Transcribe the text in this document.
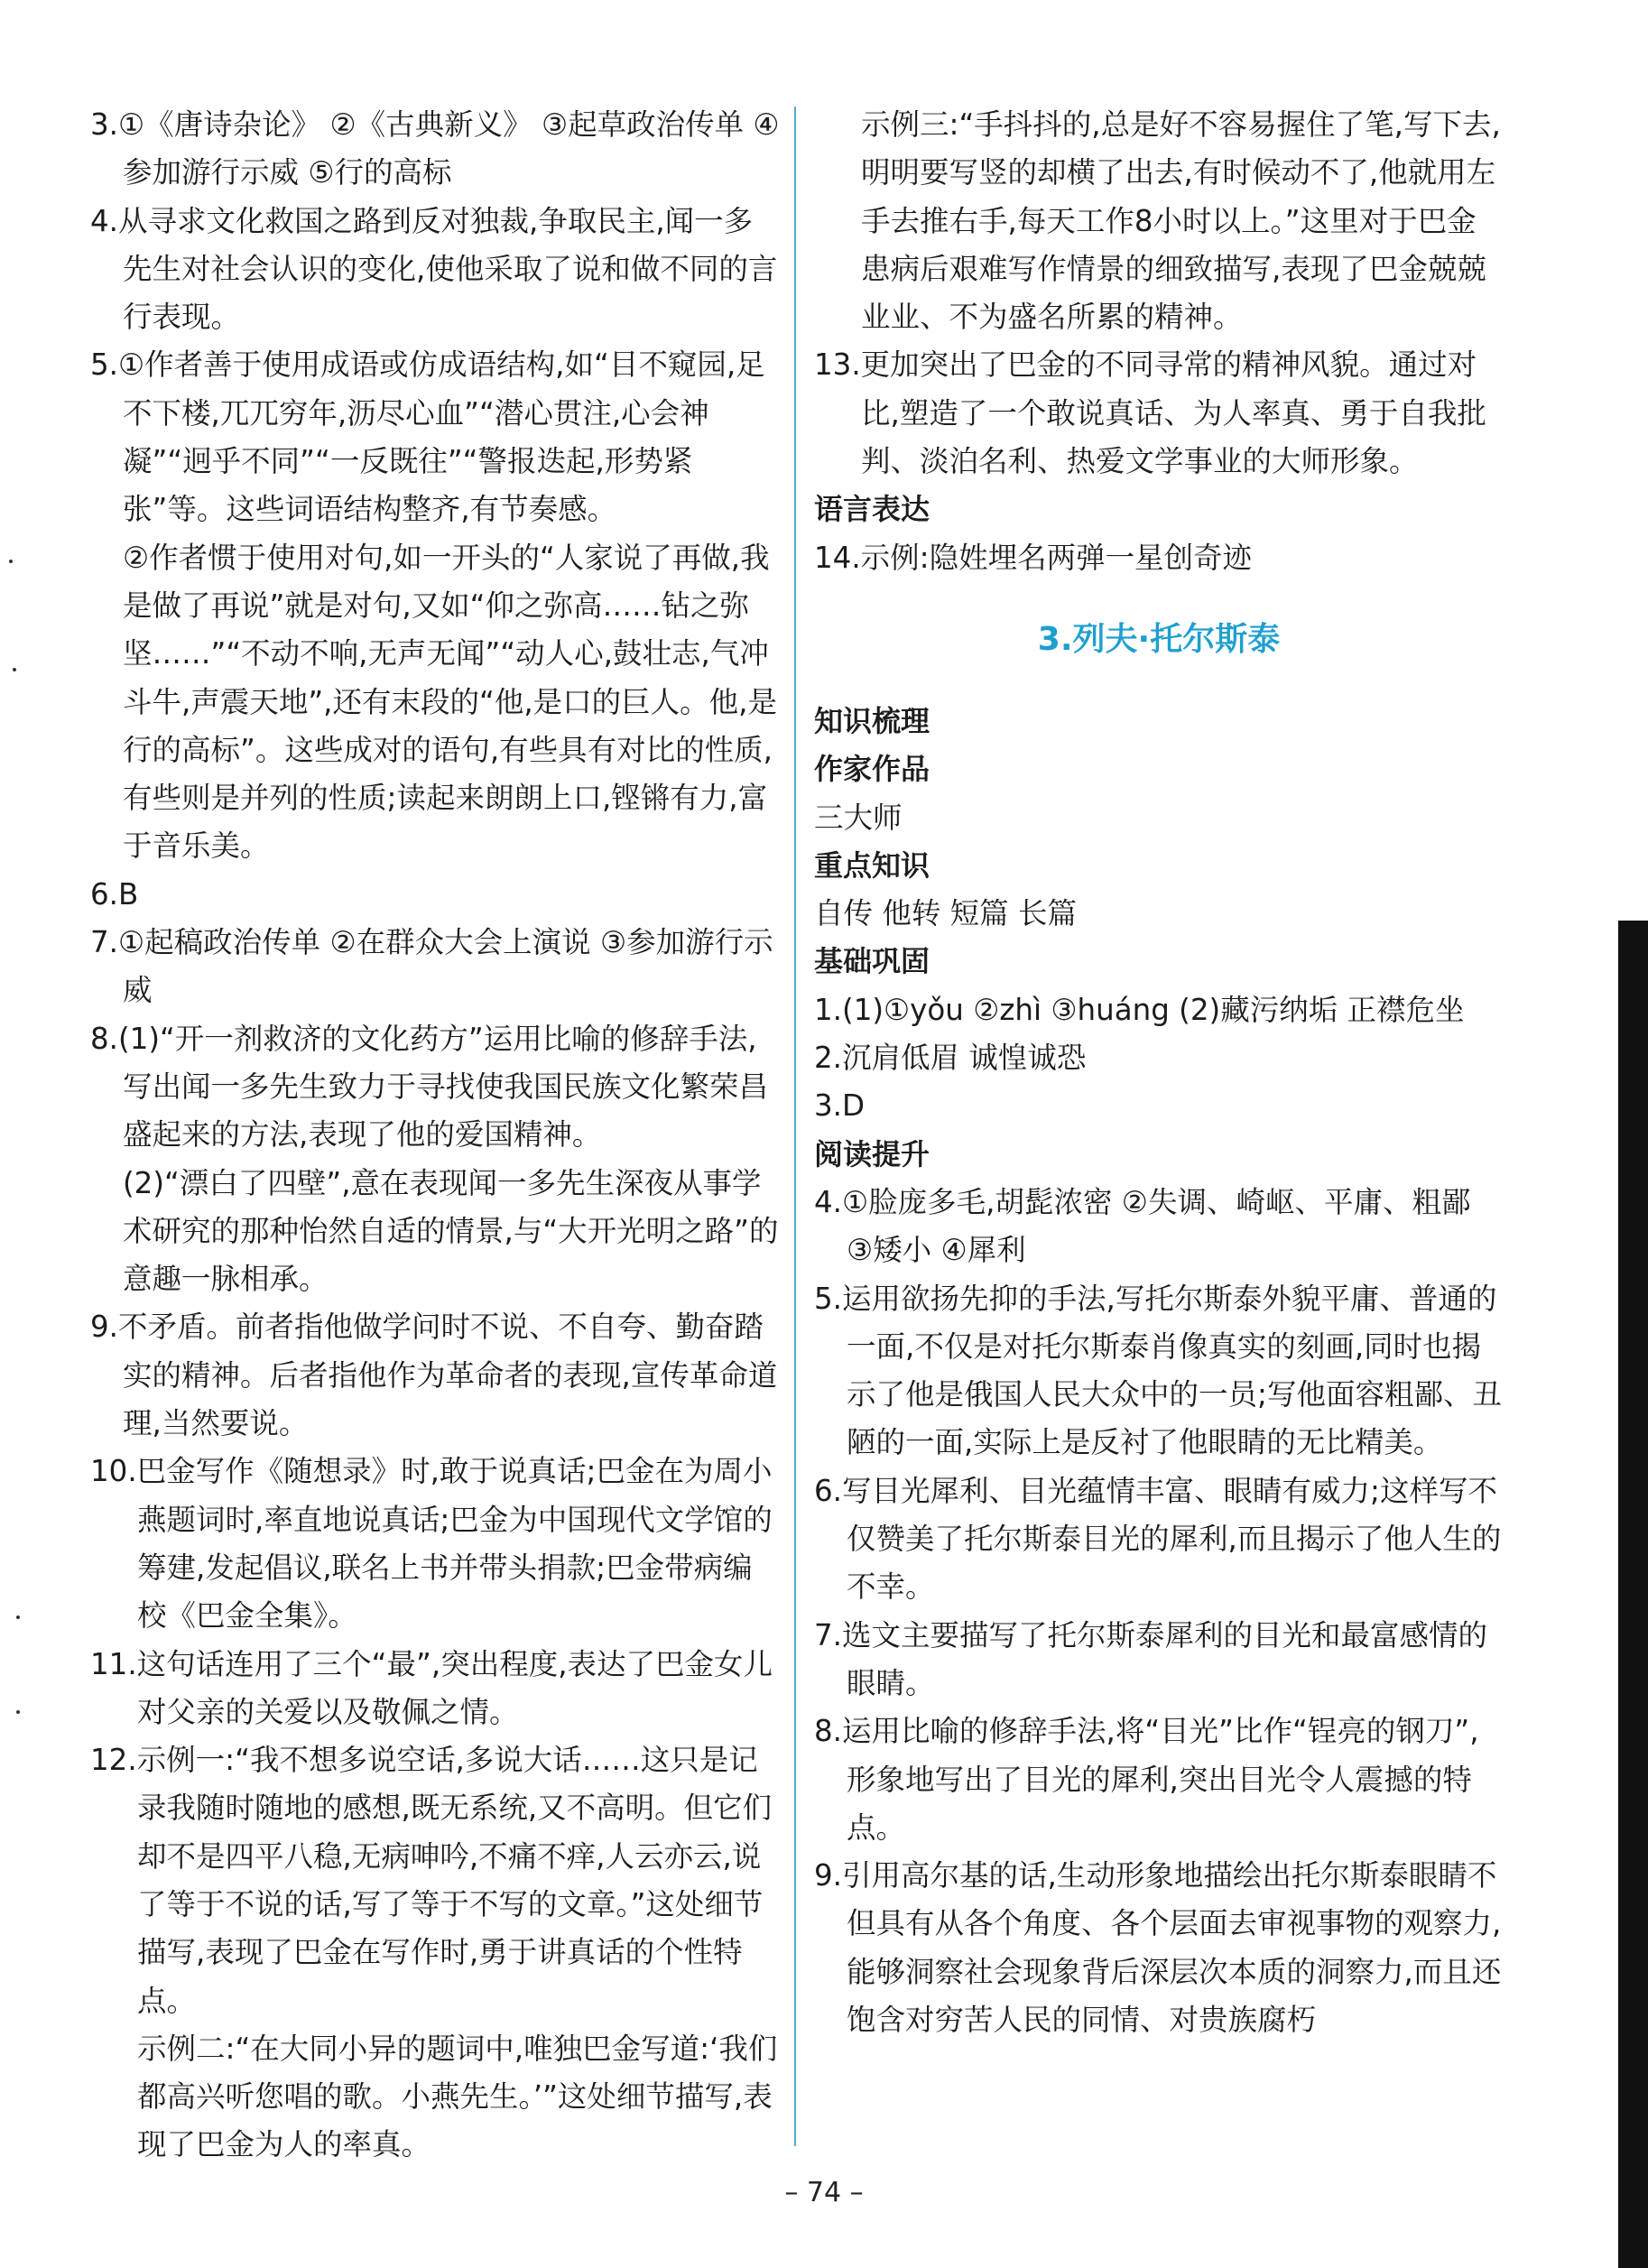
3.①《唐诗杂论》 ②《古典新义》 ③起草政治传单 ④参加游行示威 ⑤行的高标

4.从寻求文化救国之路到反对独裁,争取民主,闻一多先生对社会认识的变化,使他采取了说和做不同的言行表现。

5.①作者善于使用成语或仿成语结构,如“目不窥园,足不下楼,兀兀穷年,沥尽心血”“潜心贯注,心会神凝”“迥乎不同”“一反既往”“警报迭起,形势紧张”等。这些词语结构整齐,有节奏感。

②作者惯于使用对句,如一开头的“人家说了再做,我是做了再说”就是对句,又如“仰之弥高……钻之弥坚……”“不动不响,无声无闻”“动人心,鼓壮志,气冲斗牛,声震天地”,还有末段的“他,是口的巨人。他,是行的高标”。这些成对的语句,有些具有对比的性质,有些则是并列的性质;读起来朗朗上口,铿锵有力,富于音乐美。

6.B

7.①起稿政治传单 ②在群众大会上演说 ③参加游行示威

8.(1)“开一剂救济的文化药方”运用比喻的修辞手法,写出闻一多先生致力于寻找使我国民族文化繁荣昌盛起来的方法,表现了他的爱国精神。

(2)“漂白了四壁”,意在表现闻一多先生深夜从事学术研究的那种怡然自适的情景,与“大开光明之路”的意趣一脉相承。

9.不矛盾。前者指他做学问时不说、不自夸、勤奋踏实的精神。后者指他作为革命者的表现,宣传革命道理,当然要说。

10.巴金写作《随想录》时,敢于说真话;巴金在为周小燕题词时,率直地说真话;巴金为中国现代文学馆的筹建,发起倡议,联名上书并带头捐款;巴金带病编校《巴金全集》。

11.这句话连用了三个“最”,突出程度,表达了巴金女儿对父亲的关爱以及敬佩之情。

12.示例一:“我不想多说空话,多说大话……这只是记录我随时随地的感想,既无系统,又不高明。但它们却不是四平八稳,无病呻吟,不痛不痒,人云亦云,说了等于不说的话,写了等于不写的文章。”这处细节描写,表现了巴金在写作时,勇于讲真话的个性特点。

示例二:“在大同小异的题词中,唯独巴金写道:‘我们都高兴听您唱的歌。小燕先生。’”这处细节描写,表现了巴金为人的率真。

示例三:“手抖抖的,总是好不容易握住了笔,写下去,明明要写竖的却横了出去,有时候动不了,他就用左手去推右手,每天工作8小时以上。”这里对于巴金患病后艰难写作情景的细致描写,表现了巴金兢兢业业、不为盛名所累的精神。

13.更加突出了巴金的不同寻常的精神风貌。通过对比,塑造了一个敢说真话、为人率真、勇于自我批判、淡泊名利、热爱文学事业的大师形象。

语言表达

14.示例:隐姓埋名两弹一星创奇迹

3.列夫·托尔斯泰

知识梳理

作家作品

三大师

重点知识

自传 他转 短篇 长篇

基础巩固

1.(1)①yǒu ②zhì ③huáng (2)藏污纳垢 正襟危坐

2.沉肩低眉 诚惶诚恐

3.D

阅读提升

4.①脸庞多毛,胡髭浓密 ②失调、崎岖、平庸、粗鄙 ③矮小 ④犀利

5.运用欲扬先抑的手法,写托尔斯泰外貌平庸、普通的一面,不仅是对托尔斯泰肖像真实的刻画,同时也揭示了他是俄国人民大众中的一员;写他面容粗鄙、丑陋的一面,实际上是反衬了他眼睛的无比精美。

6.写目光犀利、目光蕴情丰富、眼睛有威力;这样写不仅赞美了托尔斯泰目光的犀利,而且揭示了他人生的不幸。

7.选文主要描写了托尔斯泰犀利的目光和最富感情的眼睛。

8.运用比喻的修辞手法,将“目光”比作“锃亮的钢刀”,形象地写出了目光的犀利,突出目光令人震撼的特点。

9.引用高尔基的话,生动形象地描绘出托尔斯泰眼睛不但具有从各个角度、各个层面去审视事物的观察力,能够洞察社会现象背后深层次本质的洞察力,而且还饱含对穷苦人民的同情、对贵族腐朽

– 74 –
